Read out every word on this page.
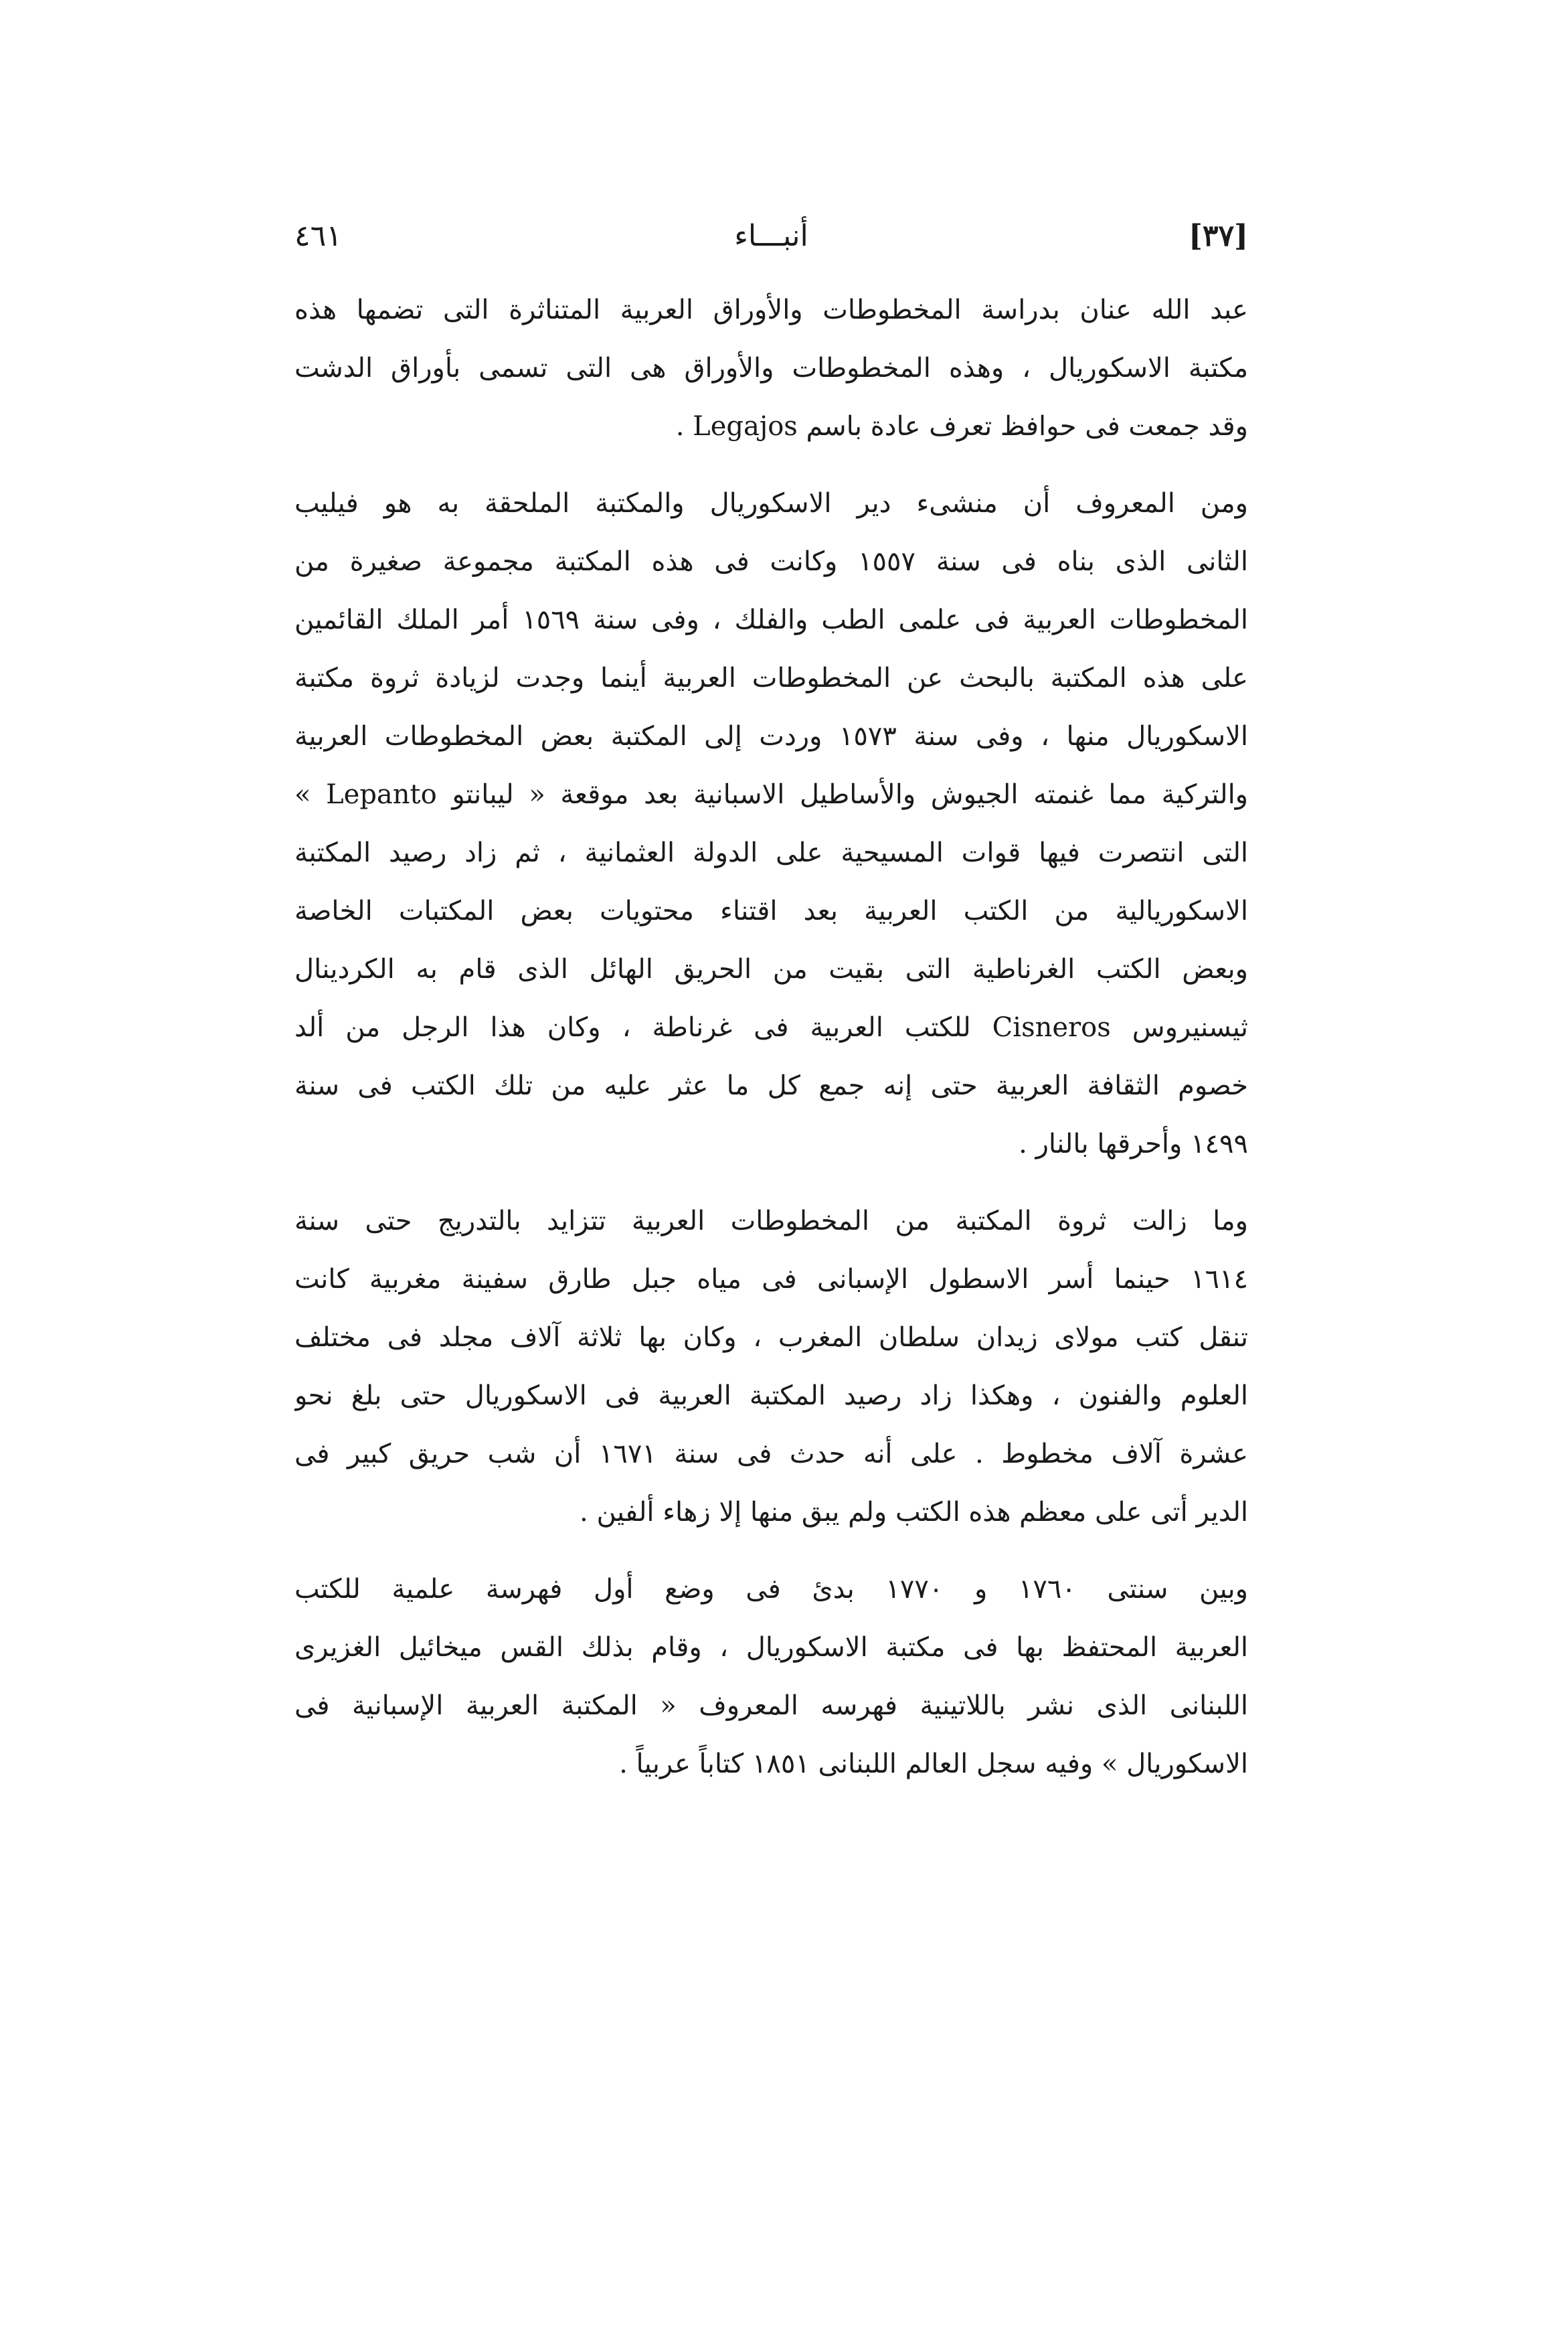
[٣٧]
أنبـــاء
٤٦١

عبد الله عنان بدراسة المخطوطات والأوراق العربية المتناثرة التى تضمها هذه
مكتبة الاسكوريال ، وهذه المخطوطات والأوراق هى التى تسمى بأوراق الدشت
وقد جمعت فى حوافظ تعرف عادة باسم Legajos .

ومن المعروف أن منشىء دير الاسكوريال والمكتبة الملحقة به هو فيليب
الثانى الذى بناه فى سنة ١٥٥٧ وكانت فى هذه المكتبة مجموعة صغيرة من
المخطوطات العربية فى علمى الطب والفلك ، وفى سنة ١٥٦٩ أمر الملك القائمين
على هذه المكتبة بالبحث عن المخطوطات العربية أينما وجدت لزيادة ثروة مكتبة
الاسكوريال منها ، وفى سنة ١٥٧٣ وردت إلى المكتبة بعض المخطوطات العربية
والتركية مما غنمته الجيوش والأساطيل الاسبانية بعد موقعة « ليبانتو Lepanto »
التى انتصرت فيها قوات المسيحية على الدولة العثمانية ، ثم زاد رصيد المكتبة
الاسكوريالية من الكتب العربية بعد اقتناء محتويات بعض المكتبات الخاصة
وبعض الكتب الغرناطية التى بقيت من الحريق الهائل الذى قام به الكردينال
ثيسنيروس Cisneros للكتب العربية فى غرناطة ، وكان هذا الرجل من ألد
خصوم الثقافة العربية حتى إنه جمع كل ما عثر عليه من تلك الكتب فى سنة
١٤٩٩ وأحرقها بالنار .

وما زالت ثروة المكتبة من المخطوطات العربية تتزايد بالتدريج حتى سنة
١٦١٤ حينما أسر الاسطول الإسبانى فى مياه جبل طارق سفينة مغربية كانت
تنقل كتب مولاى زيدان سلطان المغرب ، وكان بها ثلاثة آلاف مجلد فى مختلف
العلوم والفنون ، وهكذا زاد رصيد المكتبة العربية فى الاسكوريال حتى بلغ نحو
عشرة آلاف مخطوط . على أنه حدث فى سنة ١٦٧١ أن شب حريق كبير فى
الدير أتى على معظم هذه الكتب ولم يبق منها إلا زهاء ألفين .

وبين سنتى ١٧٦٠ و ١٧٧٠ بدئ فى وضع أول فهرسة علمية للكتب
العربية المحتفظ بها فى مكتبة الاسكوريال ، وقام بذلك القس ميخائيل الغزيرى
اللبنانى الذى نشر باللاتينية فهرسه المعروف « المكتبة العربية الإسبانية فى
الاسكوريال » وفيه سجل العالم اللبنانى ١٨٥١ كتاباً عربياً .
